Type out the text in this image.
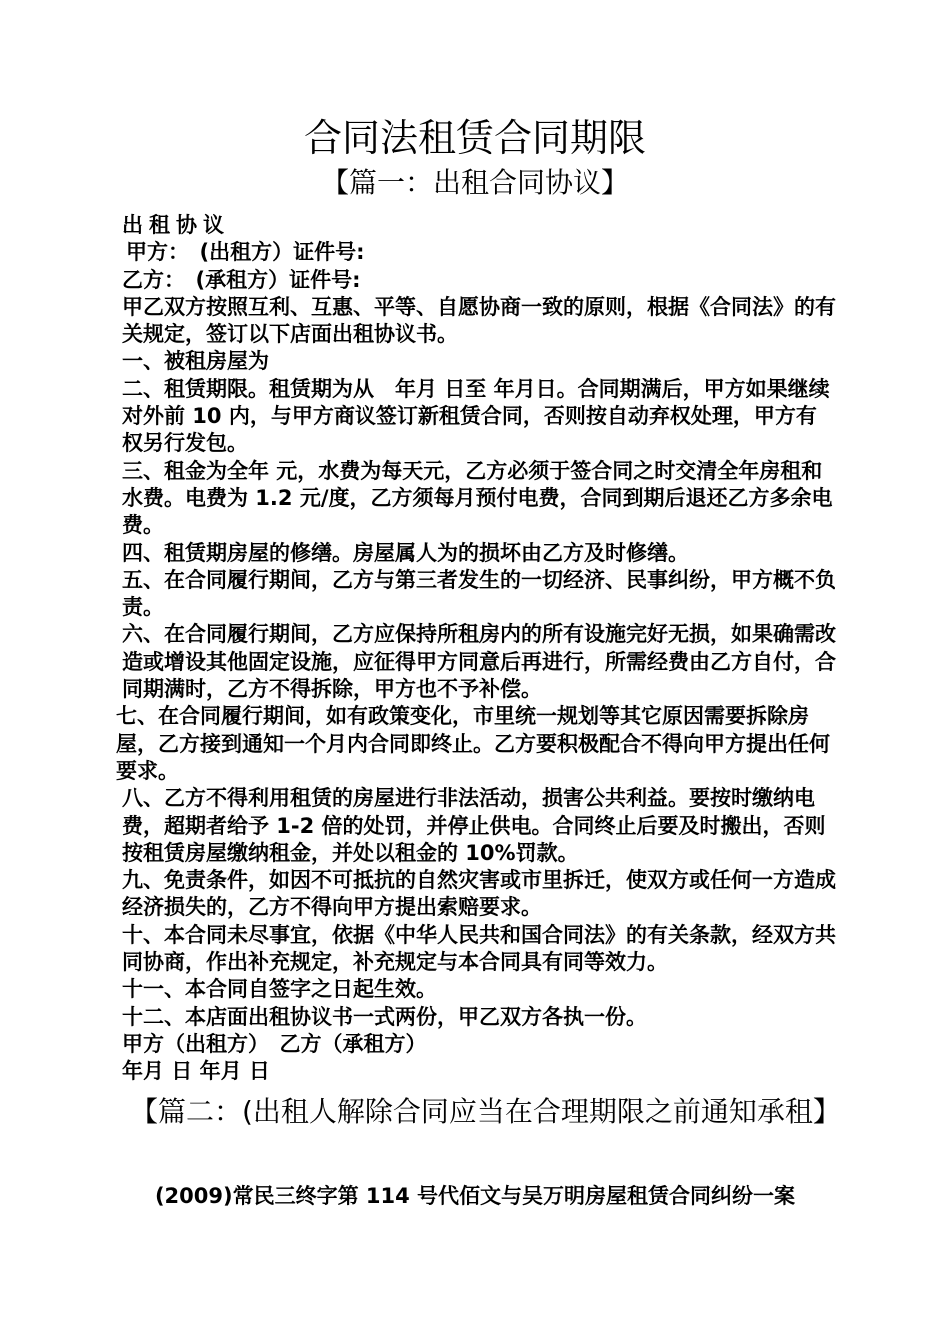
合同法租赁合同期限
【篇一：出租合同协议】

出租协议

甲方：　(出租方）证件号:

乙方：　(承租方）证件号:

甲乙双方按照互利、互惠、平等、自愿协商一致的原则，根据《合同法》的有关规定，签订以下店面出租协议书。

一、被租房屋为

二、租赁期限。租赁期为从　年月 日至 年月日。合同期满后，甲方如果继续对外前 10 内，与甲方商议签订新租赁合同，否则按自动弃权处理，甲方有权另行发包。

三、租金为全年 元，水费为每天元，乙方必须于签合同之时交清全年房租和水费。电费为 1.2 元/度，乙方须每月预付电费，合同到期后退还乙方多余电费。

四、租赁期房屋的修缮。房屋属人为的损坏由乙方及时修缮。

五、在合同履行期间，乙方与第三者发生的一切经济、民事纠纷，甲方概不负责。

六、在合同履行期间，乙方应保持所租房内的所有设施完好无损，如果确需改造或增设其他固定设施，应征得甲方同意后再进行，所需经费由乙方自付，合同期满时，乙方不得拆除，甲方也不予补偿。

七、在合同履行期间，如有政策变化，市里统一规划等其它原因需要拆除房屋，乙方接到通知一个月内合同即终止。乙方要积极配合不得向甲方提出任何要求。

八、乙方不得利用租赁的房屋进行非法活动，损害公共利益。要按时缴纳电费，超期者给予 1-2 倍的处罚，并停止供电。合同终止后要及时搬出，否则按租赁房屋缴纳租金，并处以租金的 10%罚款。

九、免责条件，如因不可抵抗的自然灾害或市里拆迁，使双方或任何一方造成经济损失的，乙方不得向甲方提出索赔要求。

十、本合同未尽事宜，依据《中华人民共和国合同法》的有关条款，经双方共同协商，作出补充规定，补充规定与本合同具有同等效力。

十一、本合同自签字之日起生效。

十二、本店面出租协议书一式两份，甲乙双方各执一份。

甲方（出租方）　乙方（承租方）

年月 日 年月 日

【篇二：(出租人解除合同应当在合理期限之前通知承租】
(2009)常民三终字第 114 号代佰文与吴万明房屋租赁合同纠纷一案
